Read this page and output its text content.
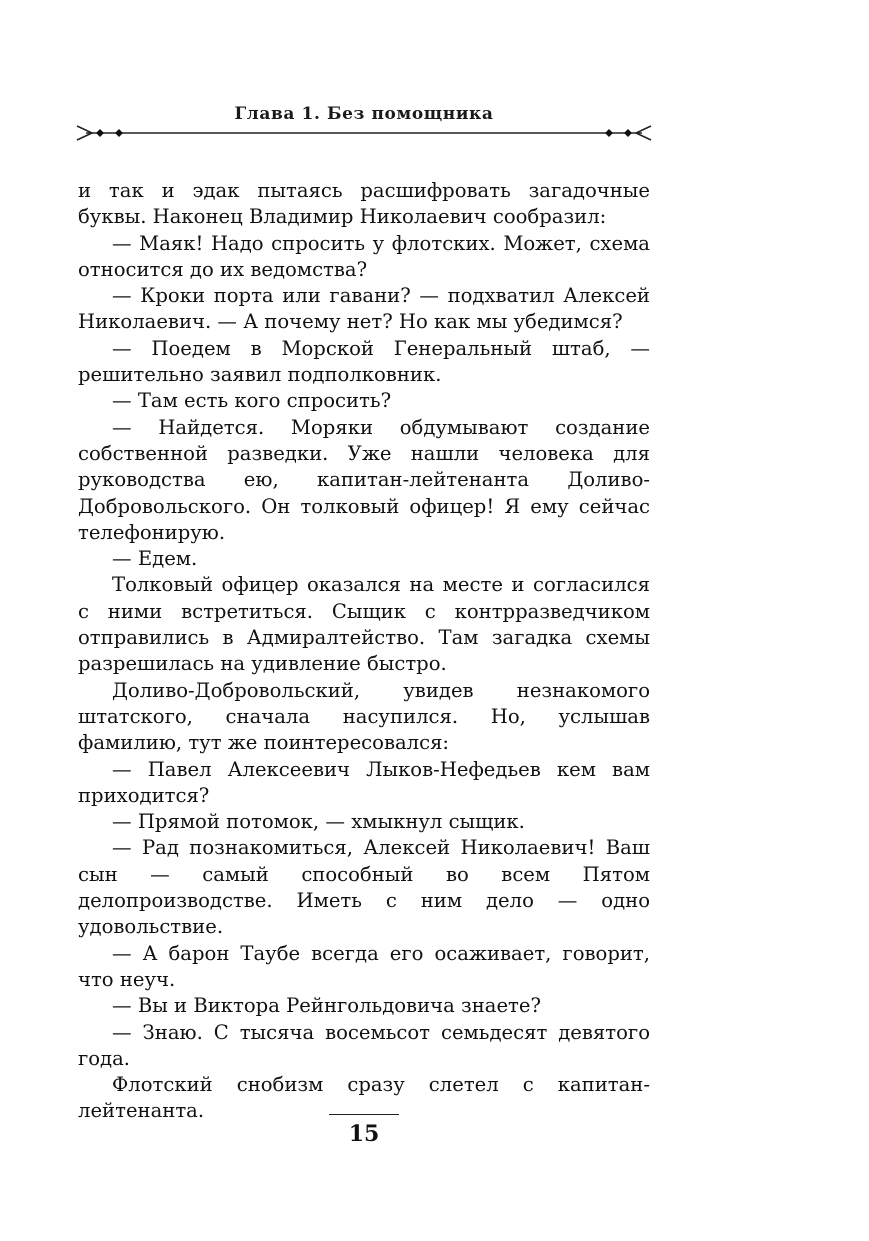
Глава 1. Без помощника

и так и эдак пытаясь расшифровать загадочные буквы. Наконец Владимир Николаевич сообразил:

— Маяк! Надо спросить у флотских. Может, схема относится до их ведомства?

— Кроки порта или гавани? — подхватил Алексей Николаевич. — А почему нет? Но как мы убедимся?

— Поедем в Морской Генеральный штаб, — решительно заявил подполковник.

— Там есть кого спросить?

— Найдется. Моряки обдумывают создание собственной разведки. Уже нашли человека для руководства ею, капитан-лейтенанта Доливо-Добровольского. Он толковый офицер! Я ему сейчас телефонирую.

— Едем.

Толковый офицер оказался на месте и согласился с ними встретиться. Сыщик с контрразведчиком отправились в Адмиралтейство. Там загадка схемы разрешилась на удивление быстро.

Доливо-Добровольский, увидев незнакомого штатского, сначала насупился. Но, услышав фамилию, тут же поинтересовался:

— Павел Алексеевич Лыков-Нефедьев кем вам приходится?

— Прямой потомок, — хмыкнул сыщик.

— Рад познакомиться, Алексей Николаевич! Ваш сын — самый способный во всем Пятом делопроизводстве. Иметь с ним дело — одно удовольствие.

— А барон Таубе всегда его осаживает, говорит, что неуч.

— Вы и Виктора Рейнгольдовича знаете?

— Знаю. С тысяча восемьсот семьдесят девятого года.

Флотский снобизм сразу слетел с капитан-лейтенанта.

15
